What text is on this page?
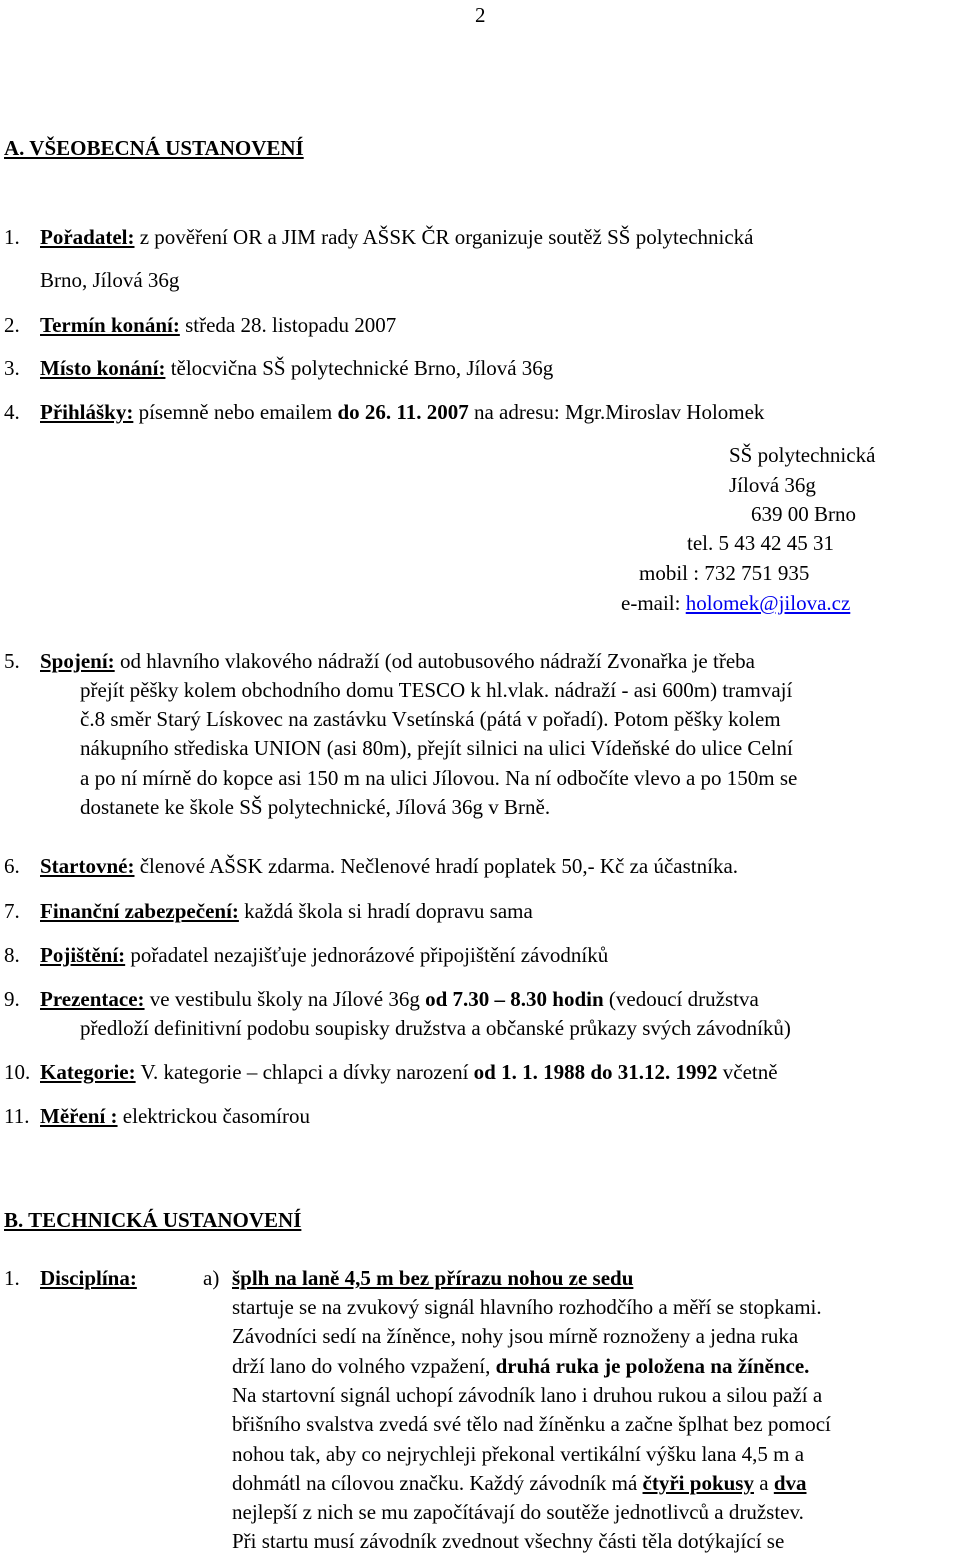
2
A. VŠEOBECNÁ USTANOVENÍ
1. Pořadatel: z pověření OR a JIM rady AŠSK ČR organizuje soutěž SŠ polytechnická
Brno, Jílová 36g
2. Termín konání: středa 28. listopadu 2007
3. Místo konání: tělocvična SŠ polytechnické Brno, Jílová 36g
4. Přihlášky: písemně nebo emailem do 26. 11. 2007 na adresu: Mgr.Miroslav Holomek
SŠ polytechnická
Jílová 36g
639 00 Brno
tel. 5 43 42 45 31
mobil : 732 751 935
e-mail: holomek@jilova.cz
5. Spojení: od hlavního vlakového nádraží (od autobusového nádraží Zvonařka je třeba
přejít pěšky kolem obchodního domu TESCO k hl.vlak. nádraží - asi 600m) tramvají
č.8 směr Starý Lískovec na zastávku Vsetínská (pátá v pořadí). Potom pěšky kolem
nákupního střediska UNION (asi 80m), přejít silnici na ulici Vídeňské do ulice Celní
a po ní mírně do kopce asi 150 m na ulici Jílovou. Na ní odbočíte vlevo a po 150m se
dostanete ke škole SŠ polytechnické, Jílová 36g v Brně.
6. Startovné: členové AŠSK zdarma. Nečlenové hradí poplatek 50,- Kč za účastníka.
7. Finanční zabezpečení: každá škola si hradí dopravu sama
8. Pojištění: pořadatel nezajišťuje jednorázové připojištění závodníků
9. Prezentace: ve vestibulu školy na Jílové 36g od 7.30 – 8.30 hodin (vedoucí družstva
předloží definitivní podobu soupisky družstva a občanské průkazy svých závodníků)
10. Kategorie: V. kategorie – chlapci a dívky narození od 1. 1. 1988 do 31.12. 1992 včetně
11. Měření : elektrickou časomírou
B. TECHNICKÁ USTANOVENÍ
1. Disciplína:	a) šplh na laně 4,5 m bez přírazu nohou ze sedu
startuje se na zvukový signál hlavního rozhodčího a měří se stopkami.
Závodníci sedí na žíněnce, nohy jsou mírně roznoženy a jedna ruka
drží lano do volného vzpažení, druhá ruka je položena na žíněnce.
Na startovní signál uchopí závodník lano i druhou rukou a silou paží a
břišního svalstva zvedá své tělo nad žíněnku a začne šplhat bez pomocí
nohou tak, aby co nejrychleji překonal vertikální výšku lana 4,5 m a
dohmátl na cílovou značku. Každý závodník má čtyři pokusy a dva
nejlepší z nich se mu započítávají do soutěže jednotlivců a družstev.
Při startu musí závodník zvednout všechny části těla dotýkající se
